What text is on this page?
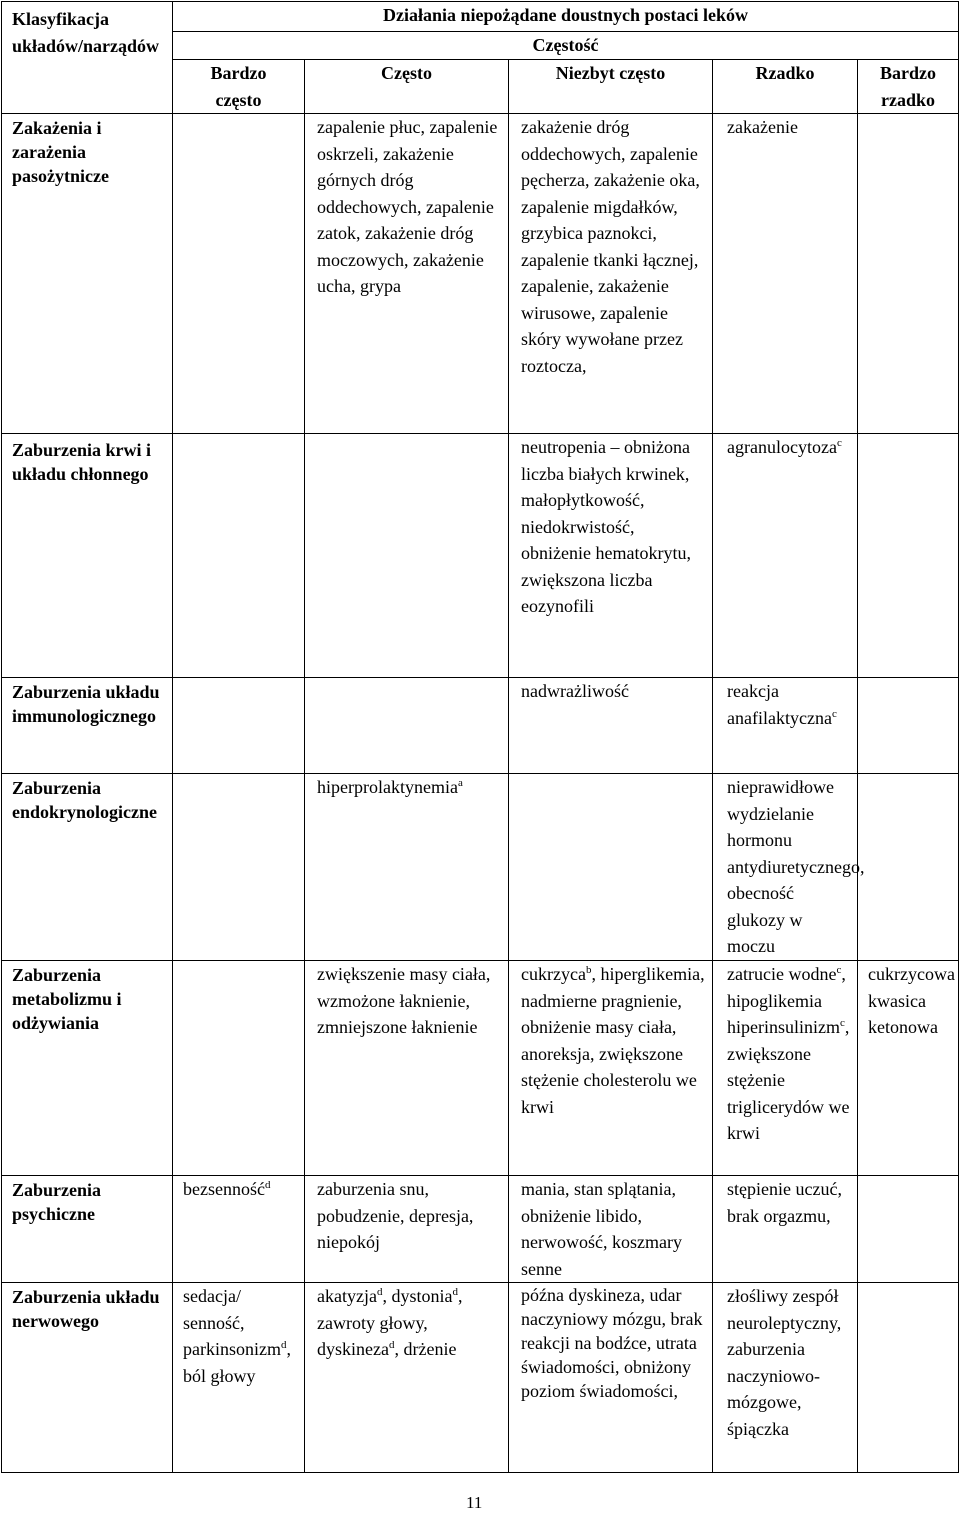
Klasyfikacja układów/narządów	Działania niepożądane doustnych postaci leków				

	Częstość				

	Bardzo często	Często	Niezbyt często	Rzadko	Bardzo rzadko

Zakażenia i zarażenia pasożytnicze		zapalenie płuc, zapalenie oskrzeli, zakażenie górnych dróg oddechowych, zapalenie zatok, zakażenie dróg moczowych, zakażenie ucha, grypa	zakażenie dróg oddechowych, zapalenie pęcherza, zakażenie oka, zapalenie migdałków, grzybica paznokci, zapalenie tkanki łącznej, zapalenie, zakażenie wirusowe, zapalenie skóry wywołane przez roztocza,	zakażenie	

Zaburzenia krwi i układu chłonnego			neutropenia – obniżona liczba białych krwinek, małopłytkowość, niedokrwistość, obniżenie hematokrytu, zwiększona liczba eozynofili	agranulocytoza$^c$

Zaburzenia układu immunologicznego			nadwrażliwość	reakcja anafilaktyczna$^c$

Zaburzenia endokrynologiczne		hiperprolaktynemia$^a$		nieprawidłowe wydzielanie hormonu antydiuretycznego, obecność glukozy w moczu	

Zaburzenia metabolizmu i odżywiania		zwiększenie masy ciała, wzmożone łaknienie, zmniejszone łaknienie	cukrzyca$^b$, hiperglikemia, nadmierne pragnienie, obniżenie masy ciała, anoreksja, zwiększone stężenie cholesterolu we krwi	zatrucie wodne$^c$, hipoglikemia hiperinsulinizm$^c$, zwiększone stężenie triglicerydów we krwi	cukrzycowa kwasica ketonowa

Zaburzenia psychiczne	bezsenność$^d$	zaburzenia snu, pobudzenie, depresja, niepokój	mania, stan splątania, obniżenie libido, nerwowość, koszmary senne	stępienie uczuć, brak orgazmu,	

Zaburzenia układu nerwowego	sedacja/ senność, parkinsonizm$^d$, ból głowy	akatyzja$^d$, dystonia$^d$, zawroty głowy, dyskineza$^d$, drżenie	późna dyskineza, udar naczyniowy mózgu, brak reakcji na bodźce, utrata świadomości, obniżony poziom świadomości,	złośliwy zespół neuroleptyczny, zaburzenia naczyniowo-mózgowe, śpiączka	

11
